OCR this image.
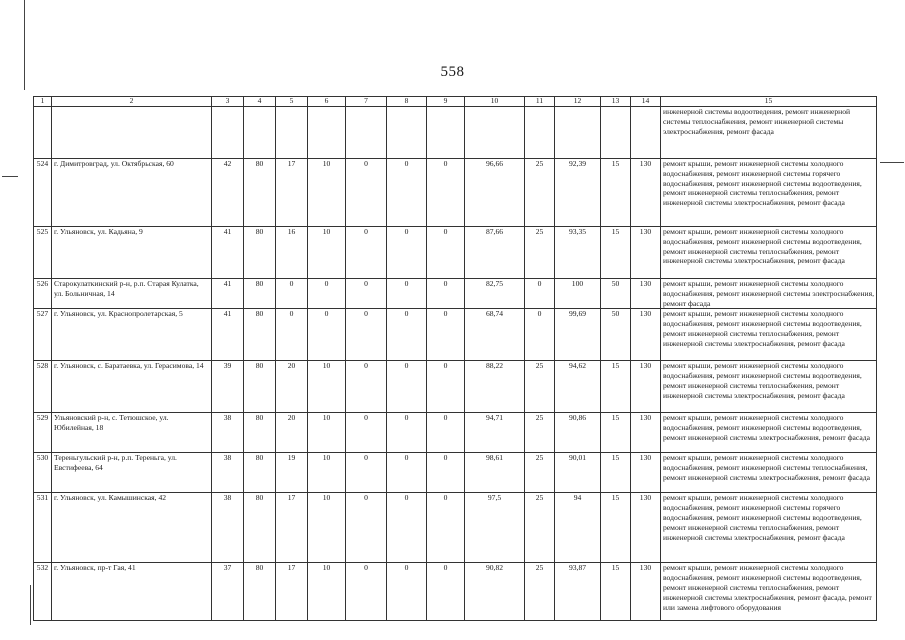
558
1	2	3	4	5	6	7	8	9	10	11	12	13	14	15
														инженерной системы водоотведения, ремонт инженерной системы теплоснабжения, ремонт инженерной системы электроснабжения, ремонт фасада
524	г. Димитровград, ул. Октябрьская, 60	42	80	17	10	0	0	0	96,66	25	92,39	15	130	ремонт крыши, ремонт инженерной системы холодного водоснабжения, ремонт инженерной системы горячего водоснабжения, ремонт инженерной системы водоотведения, ремонт инженерной системы теплоснабжения, ремонт инженерной системы электроснабжения, ремонт фасада
525	г. Ульяновск, ул. Кадьяна, 9	41	80	16	10	0	0	0	87,66	25	93,35	15	130	ремонт крыши, ремонт инженерной системы холодного водоснабжения, ремонт инженерной системы водоотведения, ремонт инженерной системы теплоснабжения, ремонт инженерной системы электроснабжения, ремонт фасада
526	Старокулаткинский р-н, р.п. Старая Кулатка, ул. Больничная, 14	41	80	0	0	0	0	0	82,75	0	100	50	130	ремонт крыши, ремонт инженерной системы холодного водоснабжения, ремонт инженерной системы электроснабжения, ремонт фасада
527	г. Ульяновск, ул. Краснопролетарская, 5	41	80	0	0	0	0	0	68,74	0	99,69	50	130	ремонт крыши, ремонт инженерной системы холодного водоснабжения, ремонт инженерной системы водоотведения, ремонт инженерной системы теплоснабжения, ремонт инженерной системы электроснабжения, ремонт фасада
528	г. Ульяновск, с. Баратаевка, ул. Герасимова, 14	39	80	20	10	0	0	0	88,22	25	94,62	15	130	ремонт крыши, ремонт инженерной системы холодного водоснабжения, ремонт инженерной системы водоотведения, ремонт инженерной системы теплоснабжения, ремонт инженерной системы электроснабжения, ремонт фасада
529	Ульяновский р-н, с. Тетюшское, ул. Юбилейная, 18	38	80	20	10	0	0	0	94,71	25	90,86	15	130	ремонт крыши, ремонт инженерной системы холодного водоснабжения, ремонт инженерной системы водоотведения, ремонт инженерной системы электроснабжения, ремонт фасада
530	Тереньгульский р-н, р.п. Тереньга, ул. Евстифеева, 64	38	80	19	10	0	0	0	98,61	25	90,01	15	130	ремонт крыши, ремонт инженерной системы холодного водоснабжения, ремонт инженерной системы теплоснабжения, ремонт инженерной системы электроснабжения, ремонт фасада
531	г. Ульяновск, ул. Камышинская, 42	38	80	17	10	0	0	0	97,5	25	94	15	130	ремонт крыши, ремонт инженерной системы холодного водоснабжения, ремонт инженерной системы горячего водоснабжения, ремонт инженерной системы водоотведения, ремонт инженерной системы теплоснабжения, ремонт инженерной системы электроснабжения, ремонт фасада
532	г. Ульяновск, пр-т Гая, 41	37	80	17	10	0	0	0	90,82	25	93,87	15	130	ремонт крыши, ремонт инженерной системы холодного водоснабжения, ремонт инженерной системы водоотведения, ремонт инженерной системы теплоснабжения, ремонт инженерной системы электроснабжения, ремонт фасада, ремонт или замена лифтового оборудования
